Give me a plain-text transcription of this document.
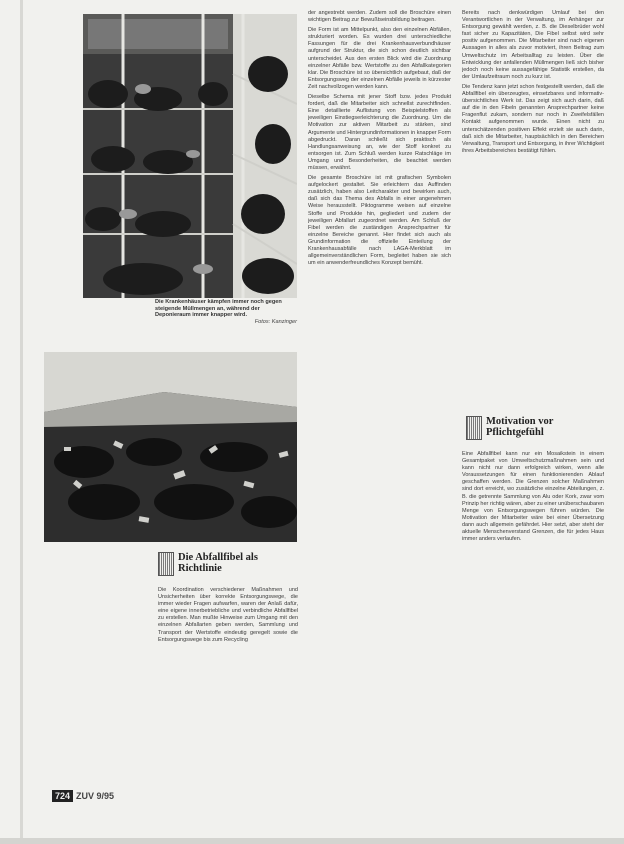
Die Krankenhäuser kämpfen immer noch gegen steigende Müllmengen an, während der Deponieraum immer knapper wird.
Fotos: Kanzinger
Die Abfallfibel als Richtlinie

Die Koordination verschiedener Maßnahmen und Unsicherheiten über korrekte Entsorgungswege, die immer wieder Fragen aufwarfen, waren der Anlaß dafür, eine eigene innerbetriebliche und verbindliche Abfallfibel zu erstellen. Man mußte Hinweise zum Umgang mit den einzelnen Abfallarten geben werden, Sammlung und Transport der Wertstoffe eindeutig geregelt sowie die Entsorgungswege bis zum Recycling

der angestrebt werden. Zudem soll die Broschüre einen wichtigen Beitrag zur Bewußtseinsbildung beitragen.

Die Form ist am Mittelpunkt, also den einzelnen Abfällen, strukturiert worden. Es wurden drei unterschiedliche Fassungen für die drei Krankenhausverbundhäuser aufgrund der Struktur, die sich schon deutlich sichtbar unterscheidet. Aus den ersten Blick wird die Zuordnung einzelner Abfälle bzw. Wertstoffe zu den Abfallkategorien klar. Die Broschüre ist so übersichtlich aufgebaut, daß der Entsorgungsweg der einzelnen Abfälle jeweils in kürzester Zeit nachvollzogen werden kann.

Dieselbe Schema mit jener Stoff bzw. jedes Produkt fordert, daß die Mitarbeiter sich schnellst zurechtfinden. Eine detaillierte Auflistung von Beispielstoffen als jeweiligen Einstiegserleichterung die Zuordnung. Um die Motivation zur aktiven Mitarbeit zu stärken, sind Argumente und Hintergrundinformationen in knapper Form abgedruckt. Daran schließt sich praktisch als Handlungsanweisung an, wie der Stoff konkret zu entsorgen ist. Zum Schluß werden kurze Ratschläge im Umgang und Besonderheiten, die beachtet werden müssen, erwähnt.

Die gesamte Broschüre ist mit grafischen Symbolen aufgelockert gestaltet. Sie erleichtern das Auffinden zusätzlich, haben also Leitcharakter und bewirken auch, daß sich das Thema des Abfalls in einer angenehmen Weise herausstellt. Piktogramme weisen auf einzelne Stoffe und Produkte hin, gegliedert und zudem der jeweiligen Abfallart zugeordnet werden. Am Schluß der Fibel werden die zuständigen Ansprechpartner für einzelne Bereiche genannt. Hier findet sich auch als Grundinformation die offizielle Einteilung der Krankenhausabfälle nach LAGA-Merkblatt im allgemeinverständlichen Form, begleitet haben sie sich um ein anwenderfreundliches Konzept bemüht.

Bereits nach denkwürdigen Umlauf bei den Verantwortlichen in der Verwaltung, im Anhänger zur Entsorgung gewählt werden, z. B. die Dieselbrüder wohl fast sicher zu Kapazitäten, Die Fibel selbst wird sehr positiv aufgenommen. Die Mitarbeiter sind nach eigenen Aussagen in alles als zuvor motiviert, ihren Beitrag zum Umweltschutz im Arbeitsalltag zu leisten. Über die Entwicklung der anfallenden Müllmengen ließ sich bisher jedoch noch keine aussagefähige Statistik erstellen, da der Umlaufzeitraum noch zu kurz ist.

Die Tendenz kann jetzt schon festgestellt werden, daß die Abfallfibel ein überzeugtes, einsetzbares und informativ-übersichtliches Werk ist. Das zeigt sich auch darin, daß auf die in den Fibeln genannten Ansprechpartner keine Fragenflut zukam, sondern nur noch in Zweifelsfällen Kontakt aufgenommen wurde. Einen nicht zu unterschätzenden positiven Effekt erzielt sie auch darin, daß sich die Mitarbeiter, hauptsächlich in den Bereichen Verwaltung, Transport und Entsorgung, in ihrer Wichtigkeit ihres Arbeitsbereiches bestätigt fühlen.

Motivation vor Pflichtgefühl

Eine Abfallfibel kann nur ein Mosaikstein in einem Gesamtpaket von Umweltschutzmaßnahmen sein und kann nicht nur dann erfolgreich wirken, wenn alle Voraussetzungen für einen funktionierenden Ablauf geschaffen werden. Die Grenzen solcher Maßnahmen sind dort erreicht, wo zusätzliche einzelne Abteilungen, z. B. die getrennte Sammlung von Alu oder Kork, zwar vom Prinzip her richtig wären, aber zu einer unüberschaubaren Menge von Entsorgungswegen führen würden. Die Motivation der Mitarbeiter wäre bei einer Übersetzung dann auch allgemein gefährdet. Hier setzt, aber steht der aktuelle Menschenverstand Grenzen, die für jedes Haus immer anders verlaufen.

724 ZUV 9/95
